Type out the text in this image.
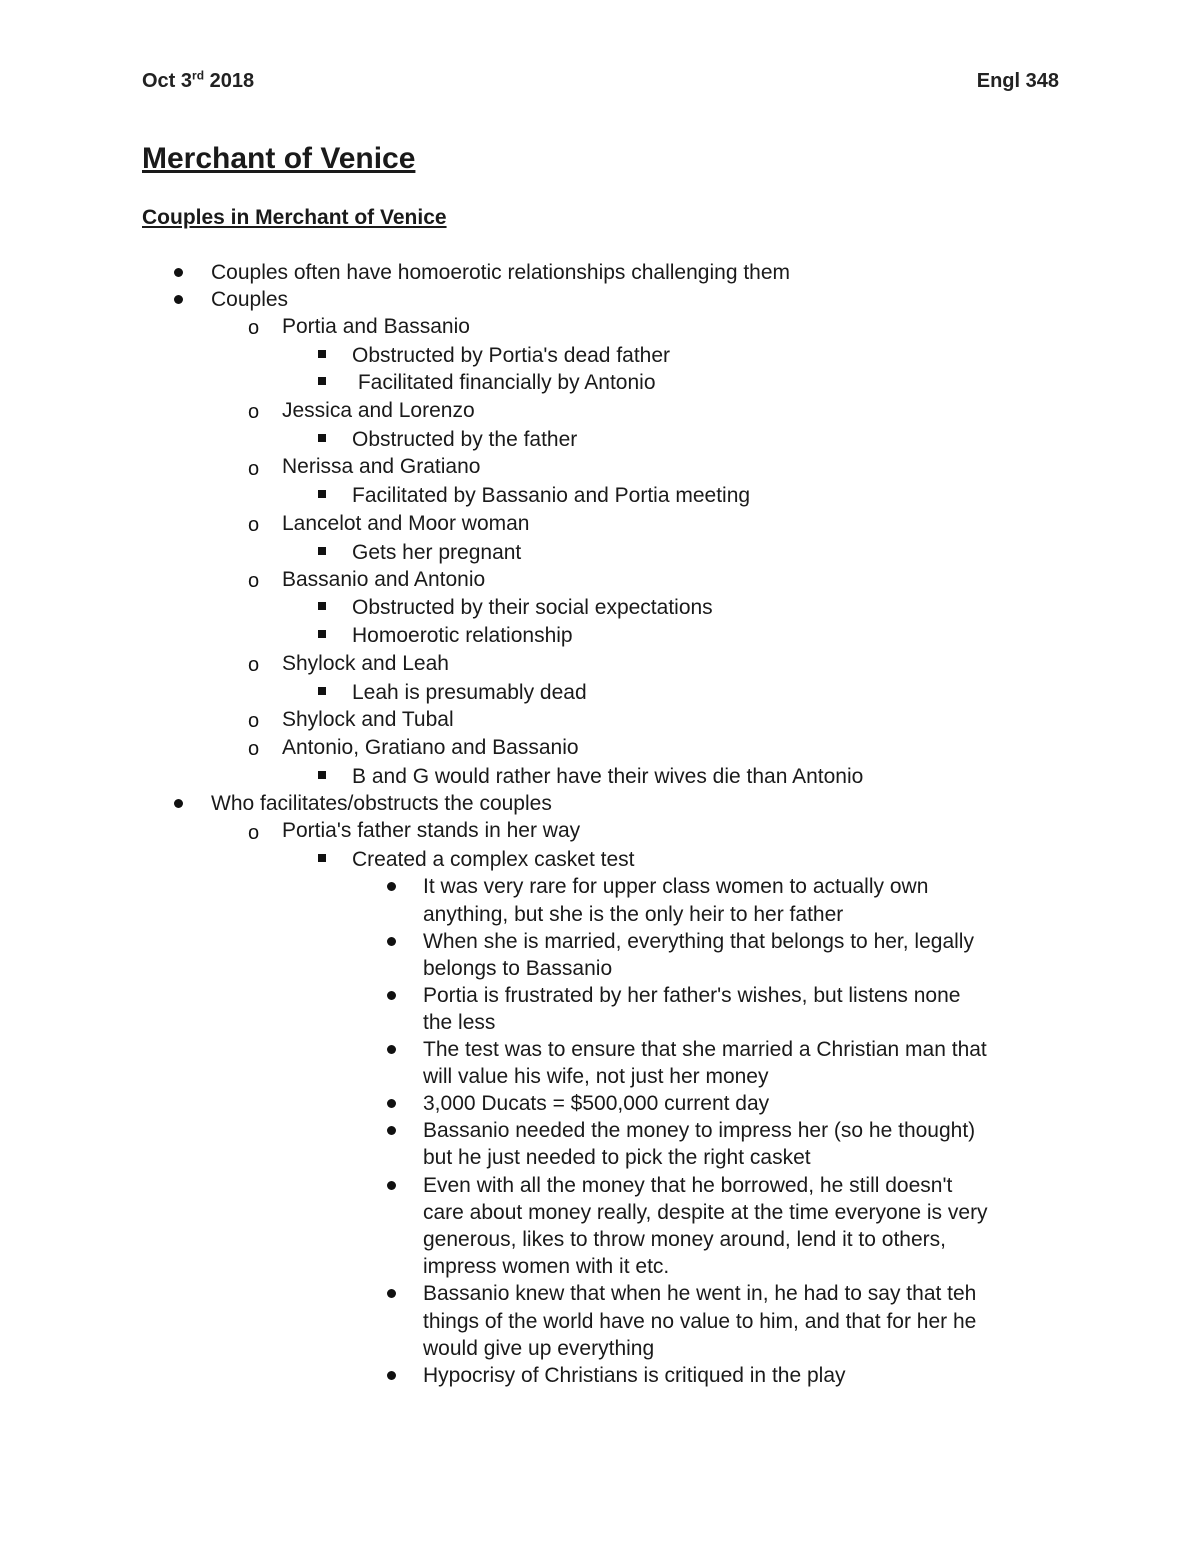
Oct 3rd 2018	Engl 348
Merchant of Venice
Couples in Merchant of Venice
Couples often have homoerotic relationships challenging them
Couples
o Portia and Bassanio
Obstructed by Portia's dead father
Facilitated financially by Antonio
o Jessica and Lorenzo
Obstructed by the father
o Nerissa and Gratiano
Facilitated by Bassanio and Portia meeting
o Lancelot and Moor woman
Gets her pregnant
o Bassanio and Antonio
Obstructed by their social expectations
Homoerotic relationship
o Shylock and Leah
Leah is presumably dead
o Shylock and Tubal
o Antonio, Gratiano and Bassanio
B and G would rather have their wives die than Antonio
Who facilitates/obstructs the couples
o Portia's father stands in her way
Created a complex casket test
It was very rare for upper class women to actually own
anything, but she is the only heir to her father
When she is married, everything that belongs to her, legally
belongs to Bassanio
Portia is frustrated by her father's wishes, but listens none
the less
The test was to ensure that she married a Christian man that
will value his wife, not just her money
3,000 Ducats = $500,000 current day
Bassanio needed the money to impress her (so he thought)
but he just needed to pick the right casket
Even with all the money that he borrowed, he still doesn't
care about money really, despite at the time everyone is very
generous, likes to throw money around, lend it to others,
impress women with it etc.
Bassanio knew that when he went in, he had to say that teh
things of the world have no value to him, and that for her he
would give up everything
Hypocrisy of Christians is critiqued in the play
